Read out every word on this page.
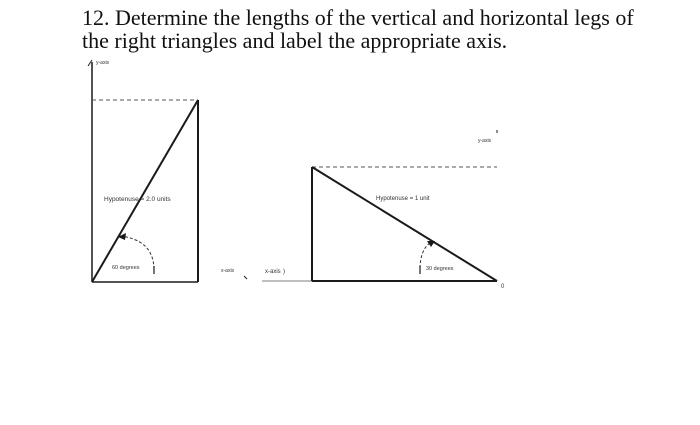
12. Determine the lengths of the vertical and horizontal legs of
the right triangles and label the appropriate axis.
y-axis
Hypotenuse = 2.0 units
60 degrees	x-axis	x-axis )
y-axis
Hypotenuse = 1 unit
30 degrees
0
